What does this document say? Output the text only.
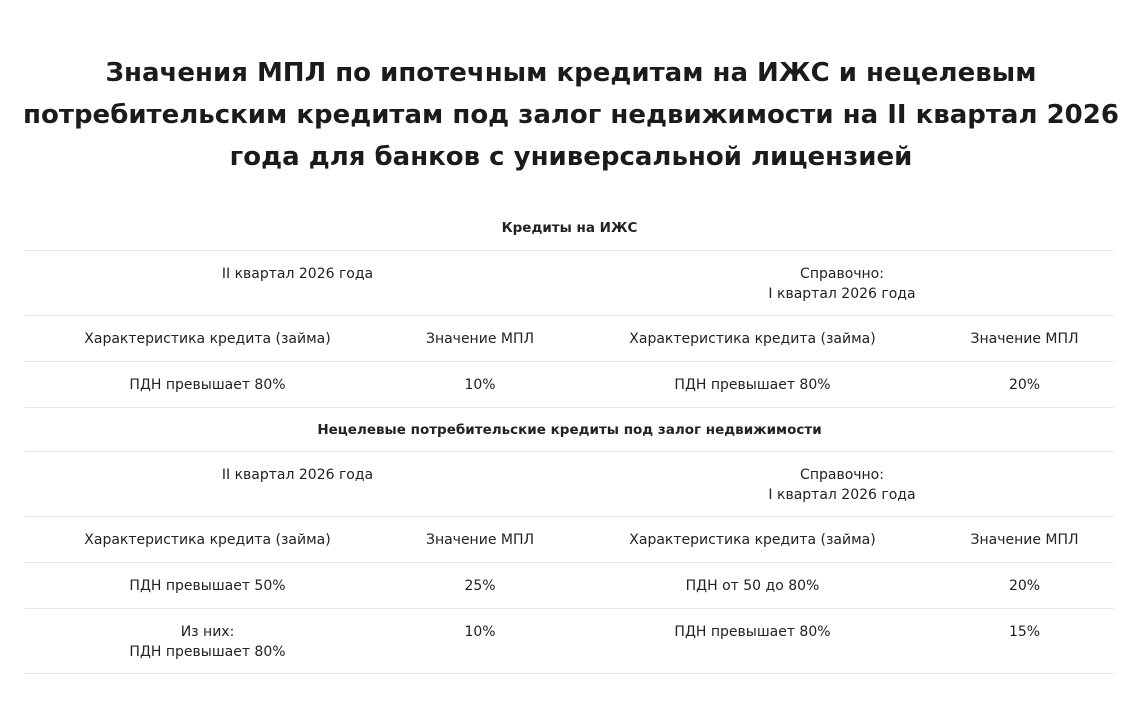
Значения МПЛ по ипотечным кредитам на ИЖС и нецелевым
потребительским кредитам под залог недвижимости на II квартал 2026
года для банков с универсальной лицензией
Кредиты на ИЖС			
II квартал 2026 года		Справочно:
I квартал 2026 года	

Характеристика кредита (займа)	Значение МПЛ	Характеристика кредита (займа)	Значение МПЛ
ПДН превышает 80%	10%	ПДН превышает 80%	20%
Нецелевые потребительские кредиты под залог недвижимости			
II квартал 2026 года		Справочно:
I квартал 2026 года	

Характеристика кредита (займа)	Значение МПЛ	Характеристика кредита (займа)	Значение МПЛ
ПДН превышает 50%	25%	ПДН от 50 до 80%	20%

Из них:
ПДН превышает 80%	10%	ПДН превышает 80%	15%
